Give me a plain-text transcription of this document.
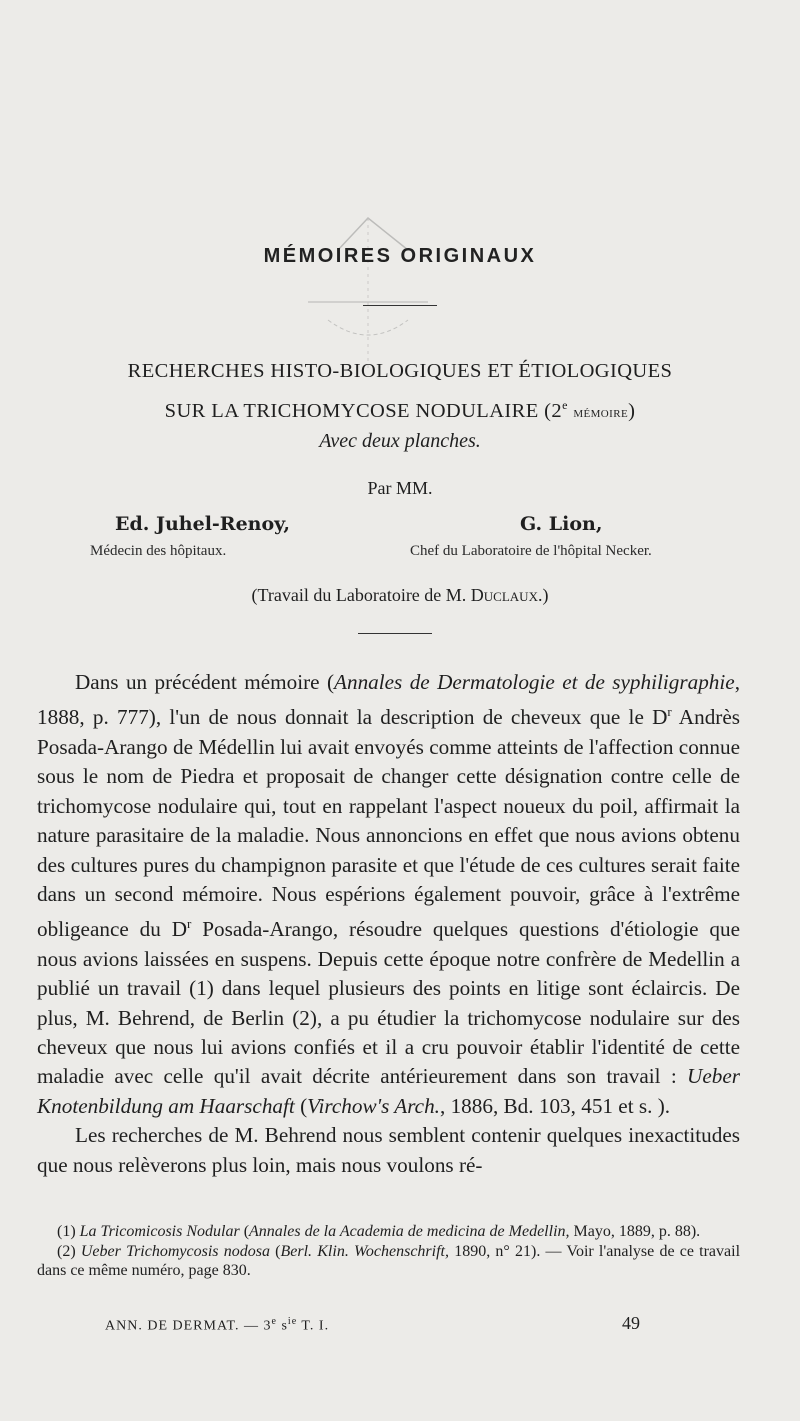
MÉMOIRES ORIGINAUX
RECHERCHES HISTO-BIOLOGIQUES ET ÉTIOLOGIQUES
SUR LA TRICHOMYCOSE NODULAIRE (2e mémoire)
Avec deux planches.
Par MM.
Ed. Juhel-Renoy,	G. Lion,
Médecin des hôpitaux.	Chef du Laboratoire de l'hôpital Necker.
(Travail du Laboratoire de M. Duclaux.)

Dans un précédent mémoire (Annales de Dermatologie et de syphiligraphie, 1888, p. 777), l'un de nous donnait la description de cheveux que le $D^r$ Andrès Posada-Arango de Médellin lui avait envoyés comme atteints de l'affection connue sous le nom de Piedra et proposait de changer cette désignation contre celle de trichomycose nodulaire qui, tout en rappelant l'aspect noueux du poil, affirmait la nature parasitaire de la maladie. Nous annoncions en effet que nous avions obtenu des cultures pures du champignon parasite et que l'étude de ces cultures serait faite dans un second mémoire. Nous espérions également pouvoir, grâce à l'extrême obligeance du $D^r$ Posada-Arango, résoudre quelques questions d'étiologie que nous avions laissées en suspens. Depuis cette époque notre confrère de Medellin a publié un travail (1) dans lequel plusieurs des points en litige sont éclaircis. De plus, M. Behrend, de Berlin (2), a pu étudier la trichomycose nodulaire sur des cheveux que nous lui avions confiés et il a cru pouvoir établir l'identité de cette maladie avec celle qu'il avait décrite antérieurement dans son travail : Ueber Knotenbildung am Haarschaft (Virchow's Arch., 1886, Bd. 103, 451 et s. ).

Les recherches de M. Behrend nous semblent contenir quelques inexactitudes que nous relèverons plus loin, mais nous voulons ré-

(1) La Tricomicosis Nodular (Annales de la Academia de medicina de Medellin, Mayo, 1889, p. 88).

(2) Ueber Trichomycosis nodosa (Berl. Klin. Wochenschrift, 1890, n° 21). — Voir l'analyse de ce travail dans ce même numéro, page 830.

ANN. DE DERMAT. — 3e $s^{ie}$ T. I.	49
